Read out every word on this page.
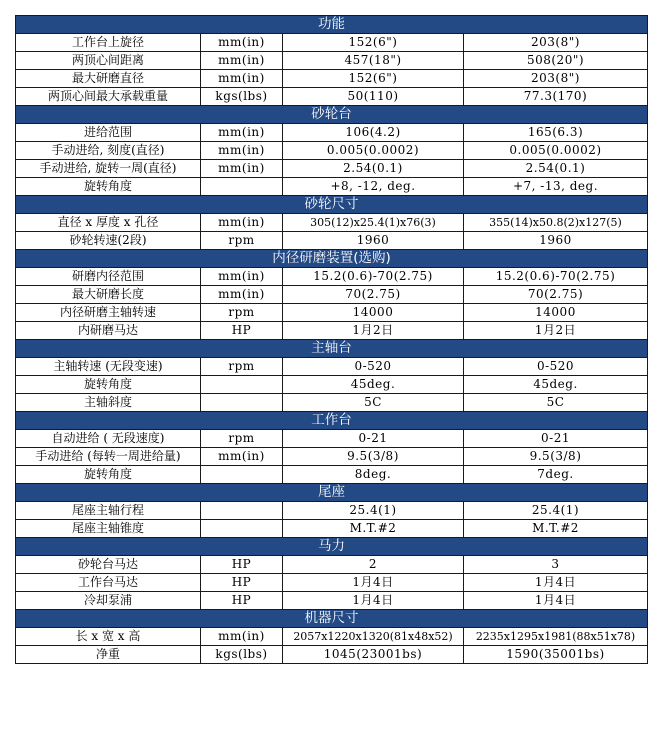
功能			
工作台上旋径	mm(in)	152(6")	203(8")
两顶心间距离	mm(in)	457(18")	508(20")
最大研磨直径	mm(in)	152(6")	203(8")
两顶心间最大承载重量	kgs(lbs)	50(110)	77.3(170)
砂轮台			
进给范围	mm(in)	106(4.2)	165(6.3)
手动进给, 刻度(直径)	mm(in)	0.005(0.0002)	0.005(0.0002)
手动进给, 旋转一周(直径)	mm(in)	2.54(0.1)	2.54(0.1)
旋转角度		+8, -12, deg.	+7, -13, deg.
砂轮尺寸			
直径 x 厚度 x 孔径	mm(in)	305(12)x25.4(1)x76(3)	355(14)x50.8(2)x127(5)
砂轮转速(2段)	rpm	1960	1960
内径研磨装置(选购)			
研磨内径范围	mm(in)	15.2(0.6)-70(2.75)	15.2(0.6)-70(2.75)
最大研磨长度	mm(in)	70(2.75)	70(2.75)
内径研磨主轴转速	rpm	14000	14000
内研磨马达	HP	1月2日	1月2日
主轴台			
主轴转速 (无段变速)	rpm	0-520	0-520
旋转角度		45deg.	45deg.
主轴斜度		5C	5C
工作台			
自动进给 ( 无段速度)	rpm	0-21	0-21
手动进给 (每转一周进给量)	mm(in)	9.5(3/8)	9.5(3/8)
旋转角度		8deg.	7deg.
尾座			
尾座主轴行程		25.4(1)	25.4(1)
尾座主轴锥度		M.T.#2	M.T.#2
马力			
砂轮台马达	HP	2	3
工作台马达	HP	1月4日	1月4日
冷却泵浦	HP	1月4日	1月4日
机器尺寸			
长 x 宽 x 高	mm(in)	2057x1220x1320(81x48x52)	2235x1295x1981(88x51x78)
净重	kgs(lbs)	1045(23001bs)	1590(35001bs)
